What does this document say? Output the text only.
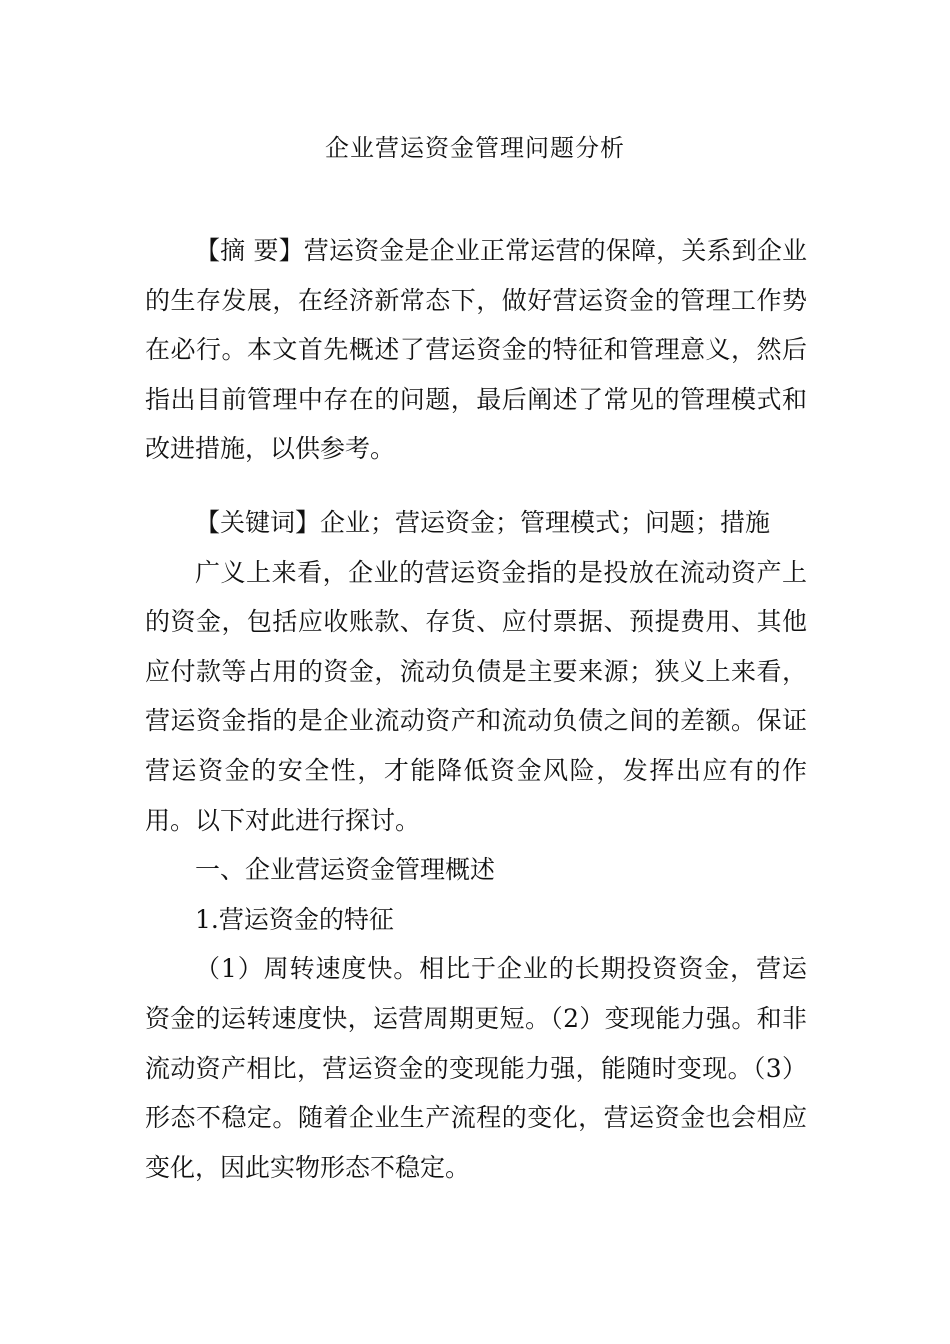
企业营运资金管理问题分析

【摘 要】营运资金是企业正常运营的保障，关系到企业的生存发展，在经济新常态下，做好营运资金的管理工作势在必行。本文首先概述了营运资金的特征和管理意义，然后指出目前管理中存在的问题，最后阐述了常见的管理模式和改进措施，以供参考。

【关键词】企业；营运资金；管理模式；问题；措施

广义上来看，企业的营运资金指的是投放在流动资产上的资金，包括应收账款、存货、应付票据、预提费用、其他应付款等占用的资金，流动负债是主要来源；狭义上来看，营运资金指的是企业流动资产和流动负债之间的差额。保证营运资金的安全性，才能降低资金风险，发挥出应有的作用。以下对此进行探讨。

一、企业营运资金管理概述

1.营运资金的特征

（1）周转速度快。相比于企业的长期投资资金，营运资金的运转速度快，运营周期更短。（2）变现能力强。和非流动资产相比，营运资金的变现能力强，能随时变现。（3）形态不稳定。随着企业生产流程的变化，营运资金也会相应变化，因此实物形态不稳定。
